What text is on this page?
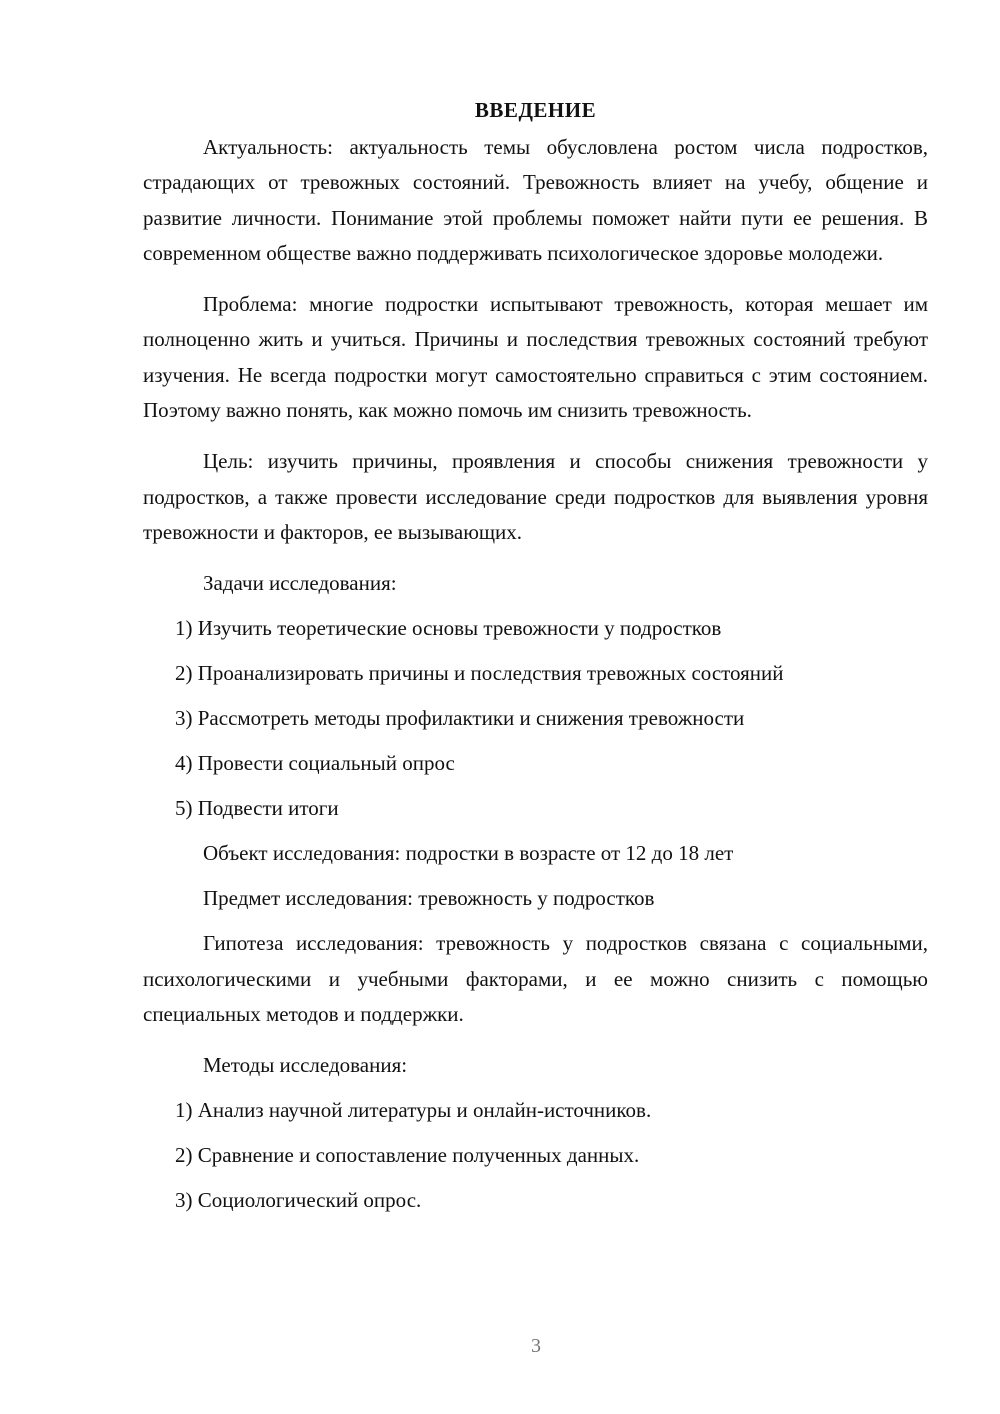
ВВЕДЕНИЕ

Актуальность: актуальность темы обусловлена ростом числа подростков, страдающих от тревожных состояний. Тревожность влияет на учебу, общение и развитие личности. Понимание этой проблемы поможет найти пути ее решения. В современном обществе важно поддерживать психологическое здоровье молодежи.

Проблема: многие подростки испытывают тревожность, которая мешает им полноценно жить и учиться. Причины и последствия тревожных состояний требуют изучения. Не всегда подростки могут самостоятельно справиться с этим состоянием. Поэтому важно понять, как можно помочь им снизить тревожность.

Цель: изучить причины, проявления и способы снижения тревожности у подростков, а также провести исследование среди подростков для выявления уровня тревожности и факторов, ее вызывающих.

Задачи исследования:
1) Изучить теоретические основы тревожности у подростков
2) Проанализировать причины и последствия тревожных состояний
3) Рассмотреть методы профилактики и снижения тревожности
4) Провести социальный опрос
5) Подвести итоги
Объект исследования: подростки в возрасте от 12 до 18 лет
Предмет исследования: тревожность у подростков

Гипотеза исследования: тревожность у подростков связана с социальными, психологическими и учебными факторами, и ее можно снизить с помощью специальных методов и поддержки.

Методы исследования:
1) Анализ научной литературы и онлайн-источников.
2) Сравнение и сопоставление полученных данных.
3) Социологический опрос.
3
